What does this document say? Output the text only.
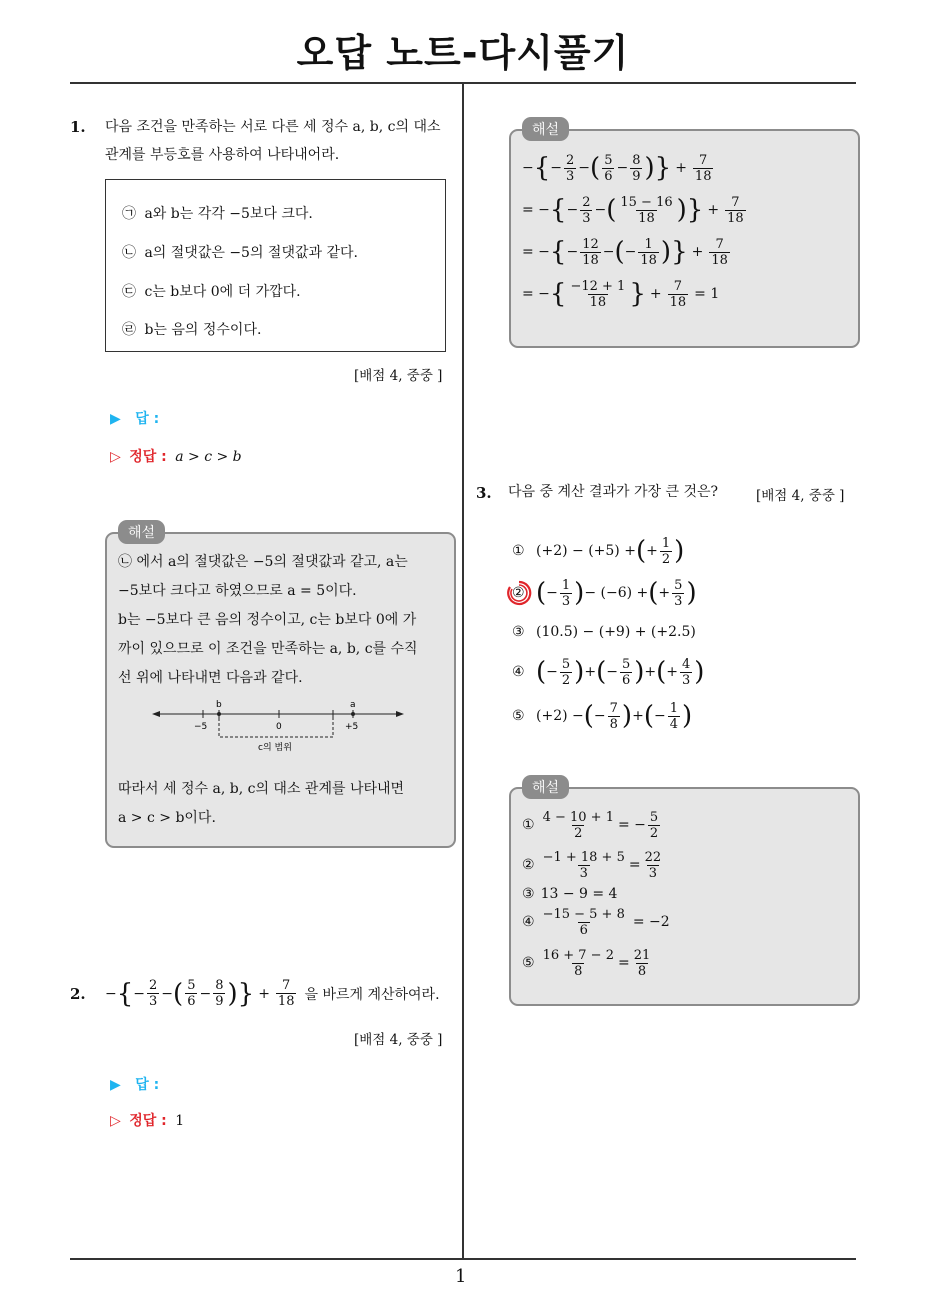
오답 노트-다시풀기
1
1. 다음 조건을 만족하는 서로 다른 세 정수 a, b, c의 대소
관계를 부등호를 사용하여 나타내어라.
㉠ a와 b는 각각 −5보다 크다.
㉡ a의 절댓값은 −5의 절댓값과 같다.
㉢ c는 b보다 0에 더 가깝다.
㉣ b는 음의 정수이다.
[배점 4, 중중 ]
▶ 답 :
▷ 정답 : a > c > b
해설
㉡ 에서 a의 절댓값은 −5의 절댓값과 같고, a는
−5보다 크다고 하였으므로 a = 5이다.
b는 −5보다 큰 음의 정수이고, c는 b보다 0에 가
까이 있으므로 이 조건을 만족하는 a, b, c를 수직
선 위에 나타내면 다음과 같다.
b	a
−5	0	+5
c의 범위
따라서 세 정수 a, b, c의 대소 관계를 나타내면
a > c > b이다.
2. − { − $\frac{2}{3}$ − ( $\frac{5}{6} - \frac{8}{9}$ ) } + $\frac{7}{18}$ 을 바르게 계산하여라.
[배점 4, 중중 ]
▶ 답 :
▷ 정답 : 1
해설
− { − $\frac{2}{3}$ − ( $\frac{5}{6} - \frac{8}{9}$ ) } + $\frac{7}{18}$
= − { − $\frac{2}{3}$ − ( $\frac{15 - 16}{18}$ ) } + $\frac{7}{18}$
= − { − $\frac{12}{18}$ − ( − $\frac{1}{18}$ ) } + $\frac{7}{18}$
= − { $\frac{-12 + 1}{18}$ } + $\frac{7}{18} = 1$
3. 다음 중 계산 결과가 가장 큰 것은?	[배점 4, 중중 ]
① (+2) − (+5) + ( + $\frac{1}{2}$ )
② ( − $\frac{1}{3}$ ) − (−6) + ( + $\frac{5}{3}$ )
③ (10.5) − (+9) + (+2.5)
④ ( − $\frac{5}{2}$ ) + ( − $\frac{5}{6}$ ) + ( + $\frac{4}{3}$ )
⑤ (+2) − ( − $\frac{7}{8}$ ) + ( − $\frac{1}{4}$ )
해설
① $\frac{4 - 10 + 1}{2}$ = − $\frac{5}{2}$
② $\frac{-1 + 18 + 5}{3} = \frac{22}{3}$
③ 13 − 9 = 4
④ $\frac{-15 - 5 + 8}{6} = -2$
⑤ $\frac{16 + 7 - 2}{8} = \frac{21}{8}$
